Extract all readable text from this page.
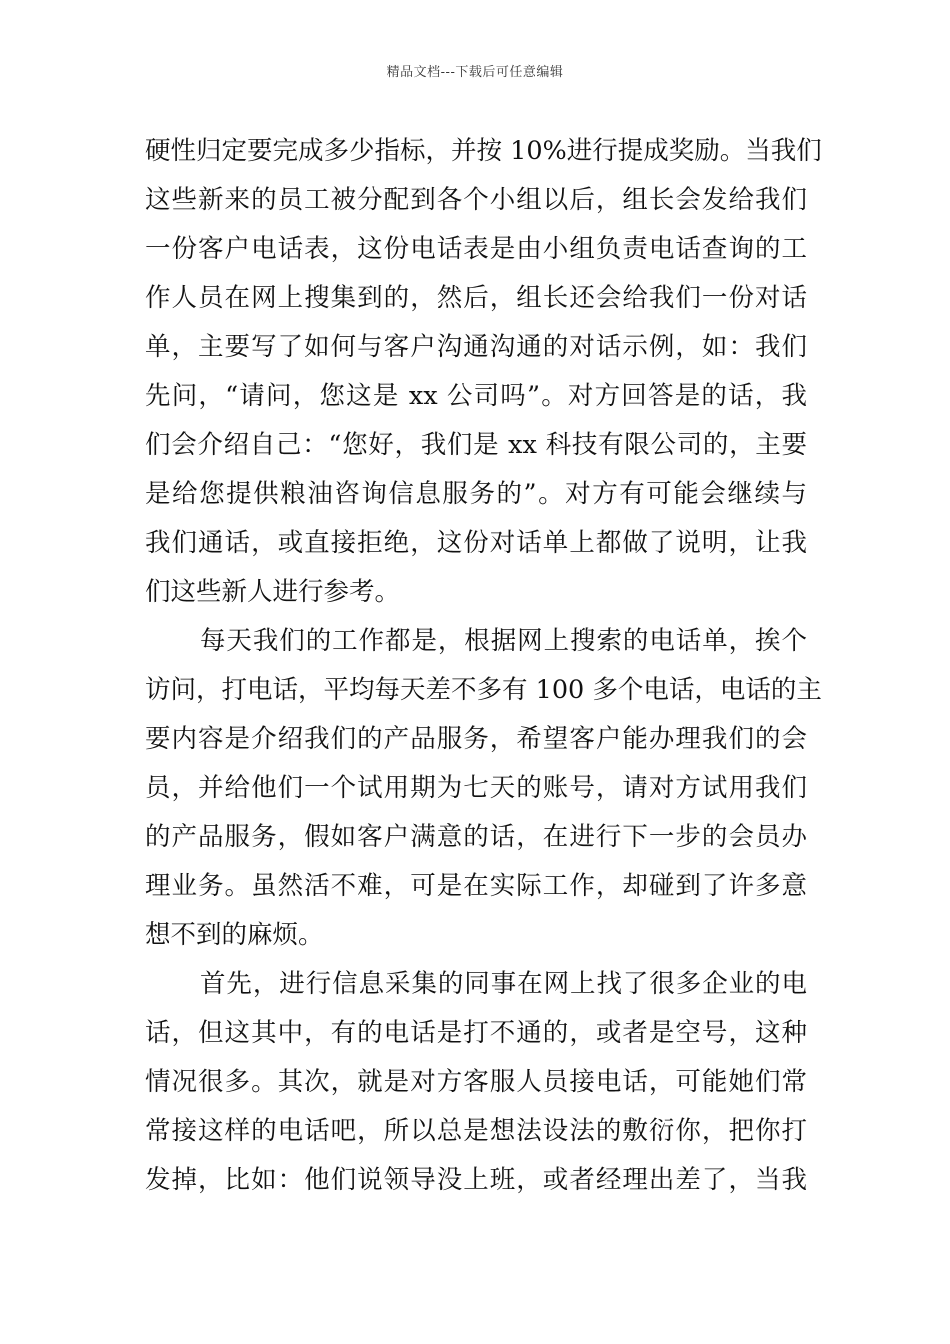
精品文档---下载后可任意编辑
硬性归定要完成多少指标，并按 10%进行提成奖励。当我们
这些新来的员工被分配到各个小组以后，组长会发给我们
一份客户电话表，这份电话表是由小组负责电话查询的工
作人员在网上搜集到的，然后，组长还会给我们一份对话
单，主要写了如何与客户沟通沟通的对话示例，如：我们
先问，“请问，您这是 xx 公司吗”。对方回答是的话，我
们会介绍自己：“您好，我们是 xx 科技有限公司的，主要
是给您提供粮油咨询信息服务的”。对方有可能会继续与
我们通话，或直接拒绝，这份对话单上都做了说明，让我
们这些新人进行参考。
每天我们的工作都是，根据网上搜索的电话单，挨个
访问，打电话，平均每天差不多有 100 多个电话，电话的主
要内容是介绍我们的产品服务，希望客户能办理我们的会
员，并给他们一个试用期为七天的账号，请对方试用我们
的产品服务，假如客户满意的话，在进行下一步的会员办
理业务。虽然活不难，可是在实际工作，却碰到了许多意
想不到的麻烦。
首先，进行信息采集的同事在网上找了很多企业的电
话，但这其中，有的电话是打不通的，或者是空号，这种
情况很多。其次，就是对方客服人员接电话，可能她们常
常接这样的电话吧，所以总是想法设法的敷衍你，把你打
发掉，比如：他们说领导没上班，或者经理出差了，当我
